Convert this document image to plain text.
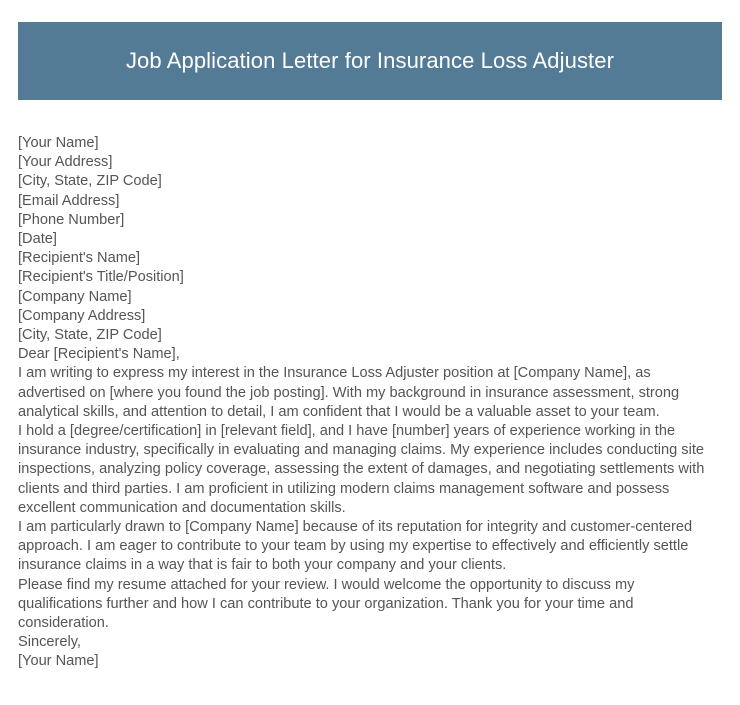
Job Application Letter for Insurance Loss Adjuster
[Your Name]
[Your Address]
[City, State, ZIP Code]
[Email Address]
[Phone Number]
[Date]
[Recipient's Name]
[Recipient's Title/Position]
[Company Name]
[Company Address]
[City, State, ZIP Code]
Dear [Recipient's Name],
I am writing to express my interest in the Insurance Loss Adjuster position at [Company Name], as advertised on [where you found the job posting]. With my background in insurance assessment, strong analytical skills, and attention to detail, I am confident that I would be a valuable asset to your team.
I hold a [degree/certification] in [relevant field], and I have [number] years of experience working in the insurance industry, specifically in evaluating and managing claims. My experience includes conducting site inspections, analyzing policy coverage, assessing the extent of damages, and negotiating settlements with clients and third parties. I am proficient in utilizing modern claims management software and possess excellent communication and documentation skills.
I am particularly drawn to [Company Name] because of its reputation for integrity and customer-centered approach. I am eager to contribute to your team by using my expertise to effectively and efficiently settle insurance claims in a way that is fair to both your company and your clients.
Please find my resume attached for your review. I would welcome the opportunity to discuss my qualifications further and how I can contribute to your organization. Thank you for your time and consideration.
Sincerely,
[Your Name]
